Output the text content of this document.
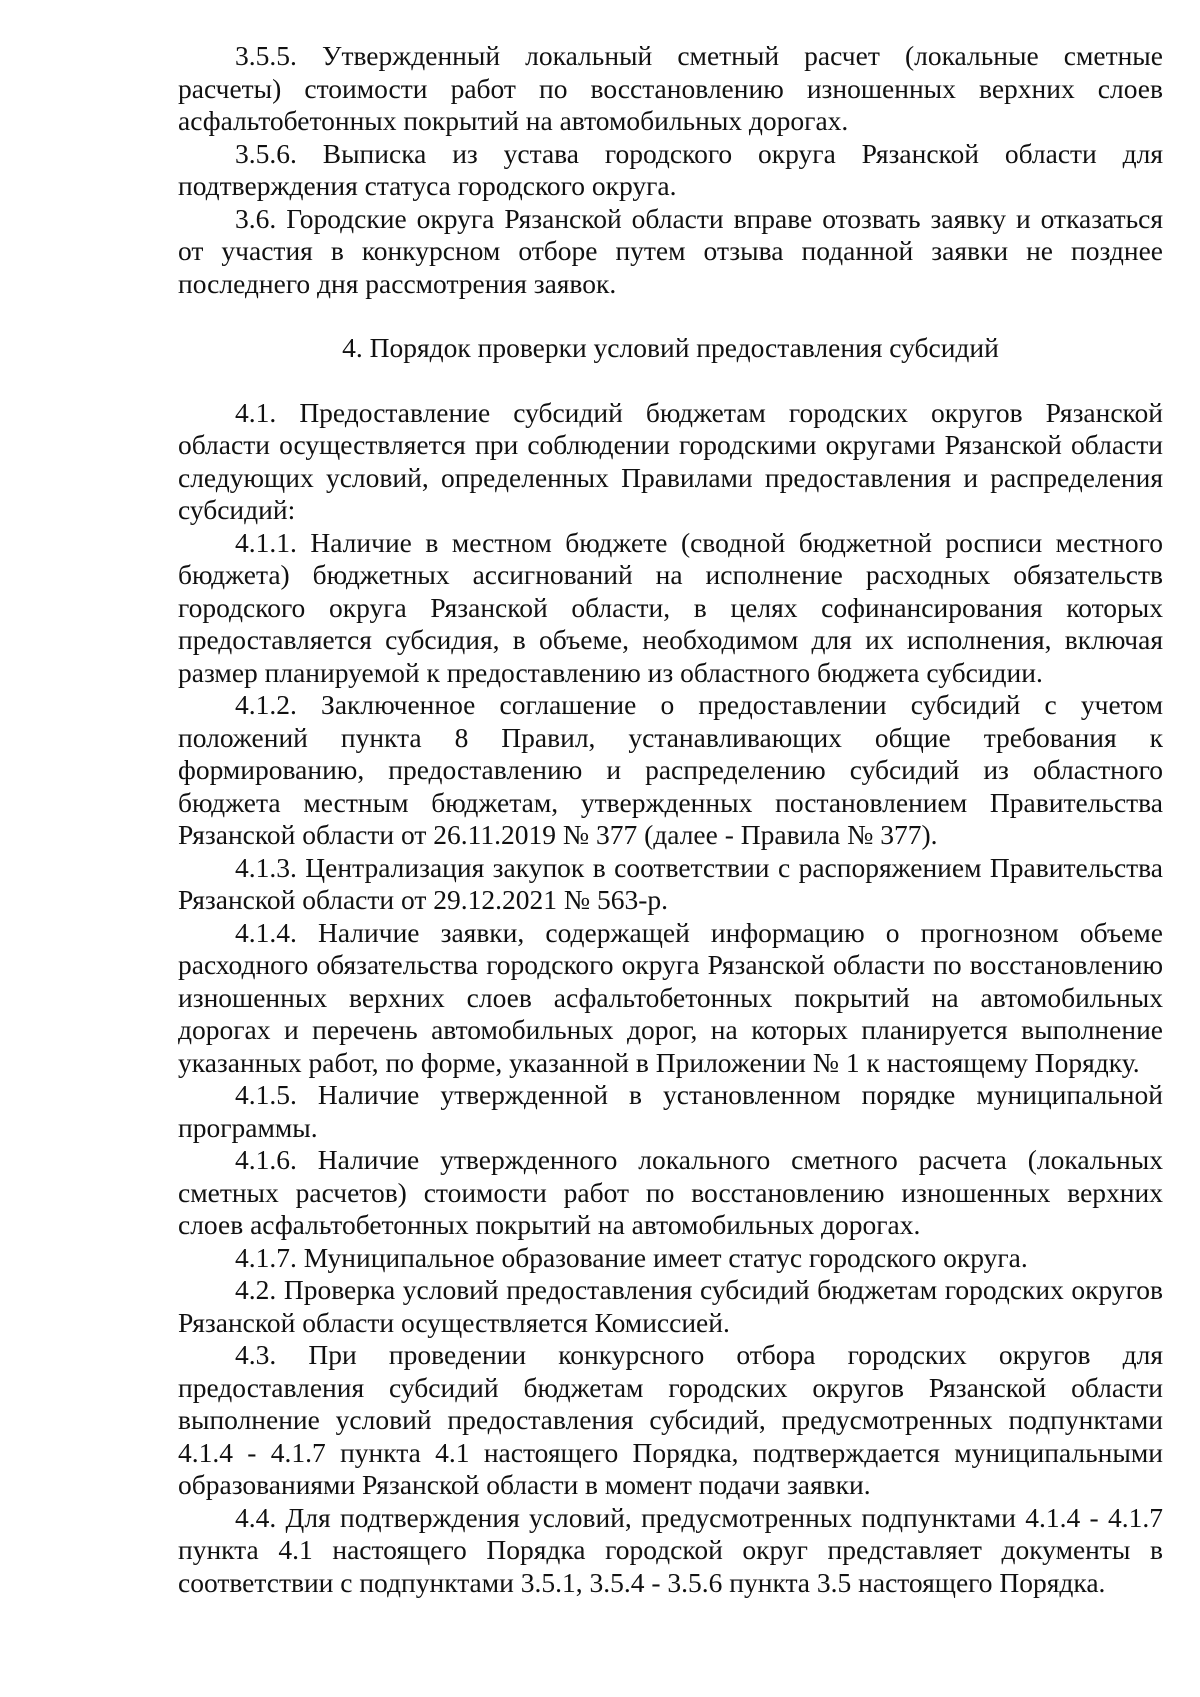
3.5.5. Утвержденный локальный сметный расчет (локальные сметные расчеты) стоимости работ по восстановлению изношенных верхних слоев асфальтобетонных покрытий на автомобильных дорогах.

3.5.6. Выписка из устава городского округа Рязанской области для подтверждения статуса городского округа.

3.6. Городские округа Рязанской области вправе отозвать заявку и отказаться от участия в конкурсном отборе путем отзыва поданной заявки не позднее последнего дня рассмотрения заявок.

4. Порядок проверки условий предоставления субсидий

4.1. Предоставление субсидий бюджетам городских округов Рязанской области осуществляется при соблюдении городскими округами Рязанской области следующих условий, определенных Правилами предоставления и распределения субсидий:

4.1.1. Наличие в местном бюджете (сводной бюджетной росписи местного бюджета) бюджетных ассигнований на исполнение расходных обязательств городского округа Рязанской области, в целях софинансирования которых предоставляется субсидия, в объеме, необходимом для их исполнения, включая размер планируемой к предоставлению из областного бюджета субсидии.

4.1.2. Заключенное соглашение о предоставлении субсидий с учетом положений пункта 8 Правил, устанавливающих общие требования к формированию, предоставлению и распределению субсидий из областного бюджета местным бюджетам, утвержденных постановлением Правительства Рязанской области от 26.11.2019 № 377 (далее - Правила № 377).

4.1.3. Централизация закупок в соответствии с распоряжением Правительства Рязанской области от 29.12.2021 № 563-р.

4.1.4. Наличие заявки, содержащей информацию о прогнозном объеме расходного обязательства городского округа Рязанской области по восстановлению изношенных верхних слоев асфальтобетонных покрытий на автомобильных дорогах и перечень автомобильных дорог, на которых планируется выполнение указанных работ, по форме, указанной в Приложении № 1 к настоящему Порядку.

4.1.5. Наличие утвержденной в установленном порядке муниципальной программы.

4.1.6. Наличие утвержденного локального сметного расчета (локальных сметных расчетов) стоимости работ по восстановлению изношенных верхних слоев асфальтобетонных покрытий на автомобильных дорогах.

4.1.7. Муниципальное образование имеет статус городского округа.

4.2. Проверка условий предоставления субсидий бюджетам городских округов Рязанской области осуществляется Комиссией.

4.3. При проведении конкурсного отбора городских округов для предоставления субсидий бюджетам городских округов Рязанской области выполнение условий предоставления субсидий, предусмотренных подпунктами 4.1.4 - 4.1.7 пункта 4.1 настоящего Порядка, подтверждается муниципальными образованиями Рязанской области в момент подачи заявки.

4.4. Для подтверждения условий, предусмотренных подпунктами 4.1.4 - 4.1.7 пункта 4.1 настоящего Порядка городской округ представляет документы в соответствии с подпунктами 3.5.1, 3.5.4 - 3.5.6 пункта 3.5 настоящего Порядка.
